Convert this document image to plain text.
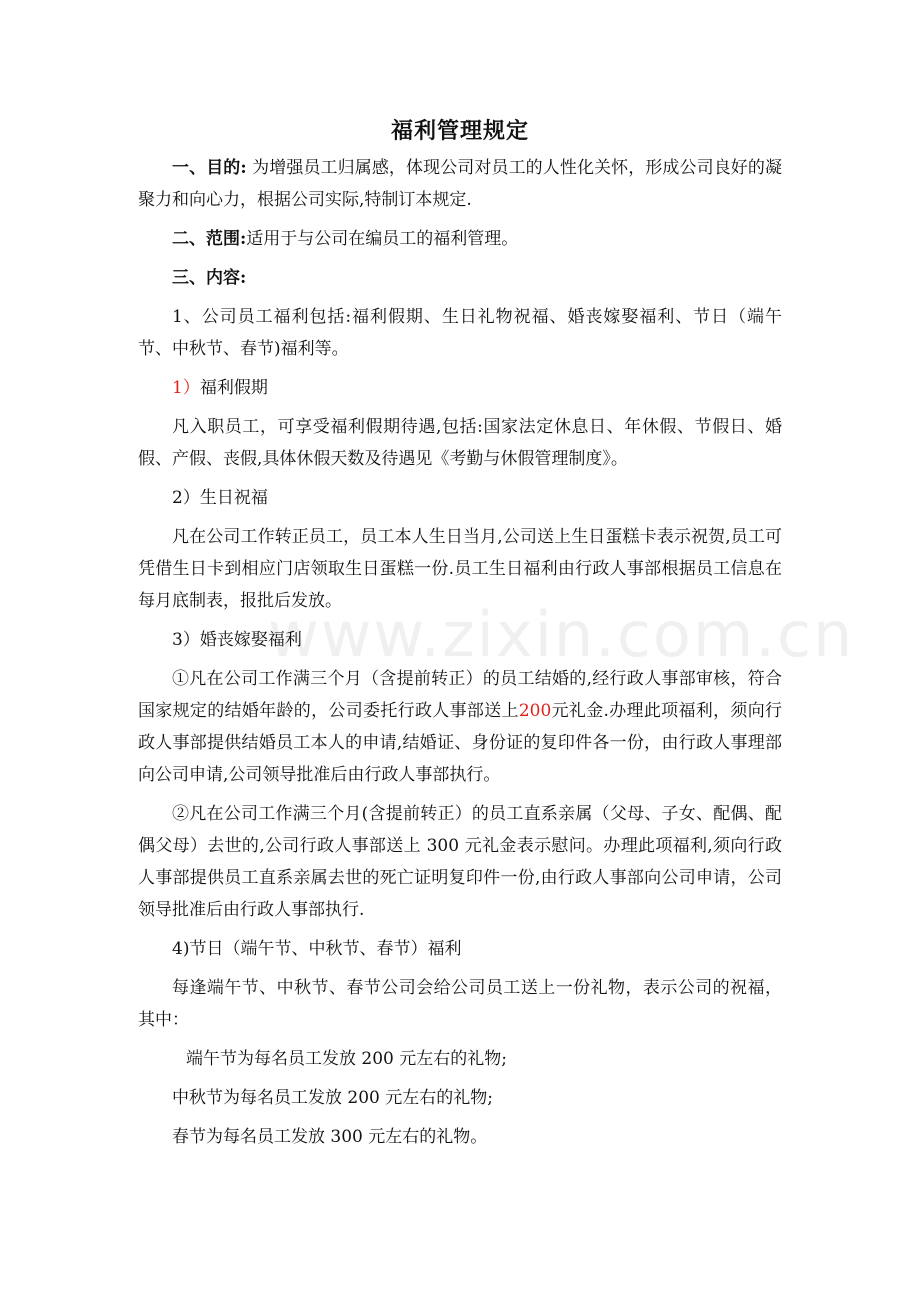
www.zixin.com.cn
福利管理规定

一、目的: 为增强员工归属感，体现公司对员工的人性化关怀，形成公司良好的凝聚力和向心力，根据公司实际,特制订本规定.

二、范围:适用于与公司在编员工的福利管理。

三、内容:

1、公司员工福利包括:福利假期、生日礼物祝福、婚丧嫁娶福利、节日（端午节、中秋节、春节)福利等。

1）福利假期

凡入职员工，可享受福利假期待遇,包括:国家法定休息日、年休假、节假日、婚假、产假、丧假,具体休假天数及待遇见《考勤与休假管理制度》。

2）生日祝福

凡在公司工作转正员工，员工本人生日当月,公司送上生日蛋糕卡表示祝贺,员工可凭借生日卡到相应门店领取生日蛋糕一份.员工生日福利由行政人事部根据员工信息在每月底制表，报批后发放。

3）婚丧嫁娶福利

①凡在公司工作满三个月（含提前转正）的员工结婚的,经行政人事部审核，符合国家规定的结婚年龄的，公司委托行政人事部送上200元礼金.办理此项福利，须向行政人事部提供结婚员工本人的申请,结婚证、身份证的复印件各一份，由行政人事理部向公司申请,公司领导批准后由行政人事部执行。

②凡在公司工作满三个月(含提前转正）的员工直系亲属（父母、子女、配偶、配偶父母）去世的,公司行政人事部送上 300 元礼金表示慰问。办理此项福利,须向行政人事部提供员工直系亲属去世的死亡证明复印件一份,由行政人事部向公司申请，公司领导批准后由行政人事部执行.

4)节日（端午节、中秋节、春节）福利

每逢端午节、中秋节、春节公司会给公司员工送上一份礼物，表示公司的祝福，其中：

端午节为每名员工发放 200 元左右的礼物;

中秋节为每名员工发放 200 元左右的礼物;

春节为每名员工发放 300 元左右的礼物。
